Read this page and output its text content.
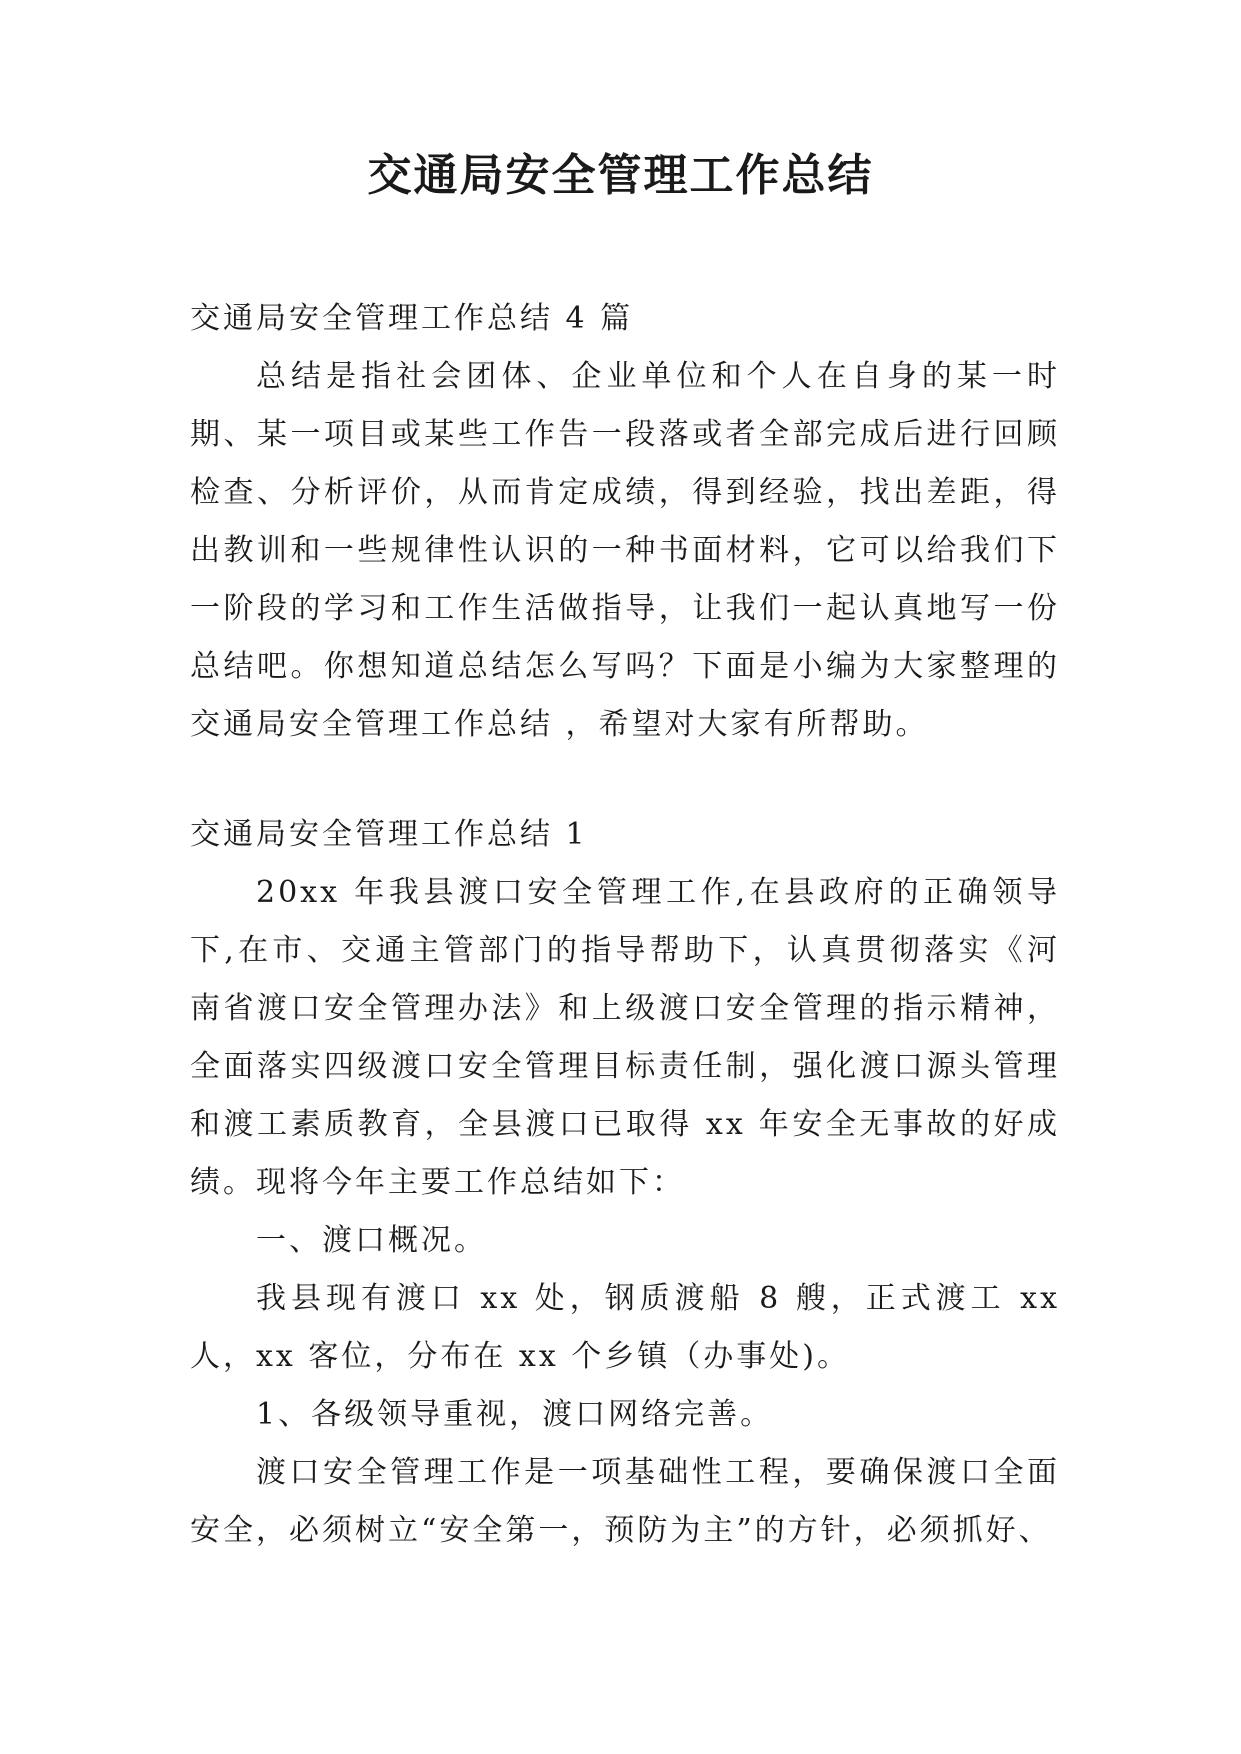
交通局安全管理工作总结

交通局安全管理工作总结 4 篇

总结是指社会团体、企业单位和个人在自身的某一时期、某一项目或某些工作告一段落或者全部完成后进行回顾检查、分析评价，从而肯定成绩，得到经验，找出差距，得出教训和一些规律性认识的一种书面材料，它可以给我们下一阶段的学习和工作生活做指导，让我们一起认真地写一份总结吧。你想知道总结怎么写吗？下面是小编为大家整理的交通局安全管理工作总结 ，希望对大家有所帮助。

交通局安全管理工作总结 1

20xx 年我县渡口安全管理工作,在县政府的正确领导下,在市、交通主管部门的指导帮助下，认真贯彻落实《河南省渡口安全管理办法》和上级渡口安全管理的指示精神，全面落实四级渡口安全管理目标责任制，强化渡口源头管理和渡工素质教育，全县渡口已取得 xx 年安全无事故的好成绩。现将今年主要工作总结如下：

一、渡口概况。

我县现有渡口 xx 处，钢质渡船 8 艘，正式渡工 xx 人，xx 客位，分布在 xx 个乡镇（办事处)。

1、各级领导重视，渡口网络完善。

渡口安全管理工作是一项基础性工程，要确保渡口全面安全，必须树立“安全第一，预防为主”的方针，必须抓好、
